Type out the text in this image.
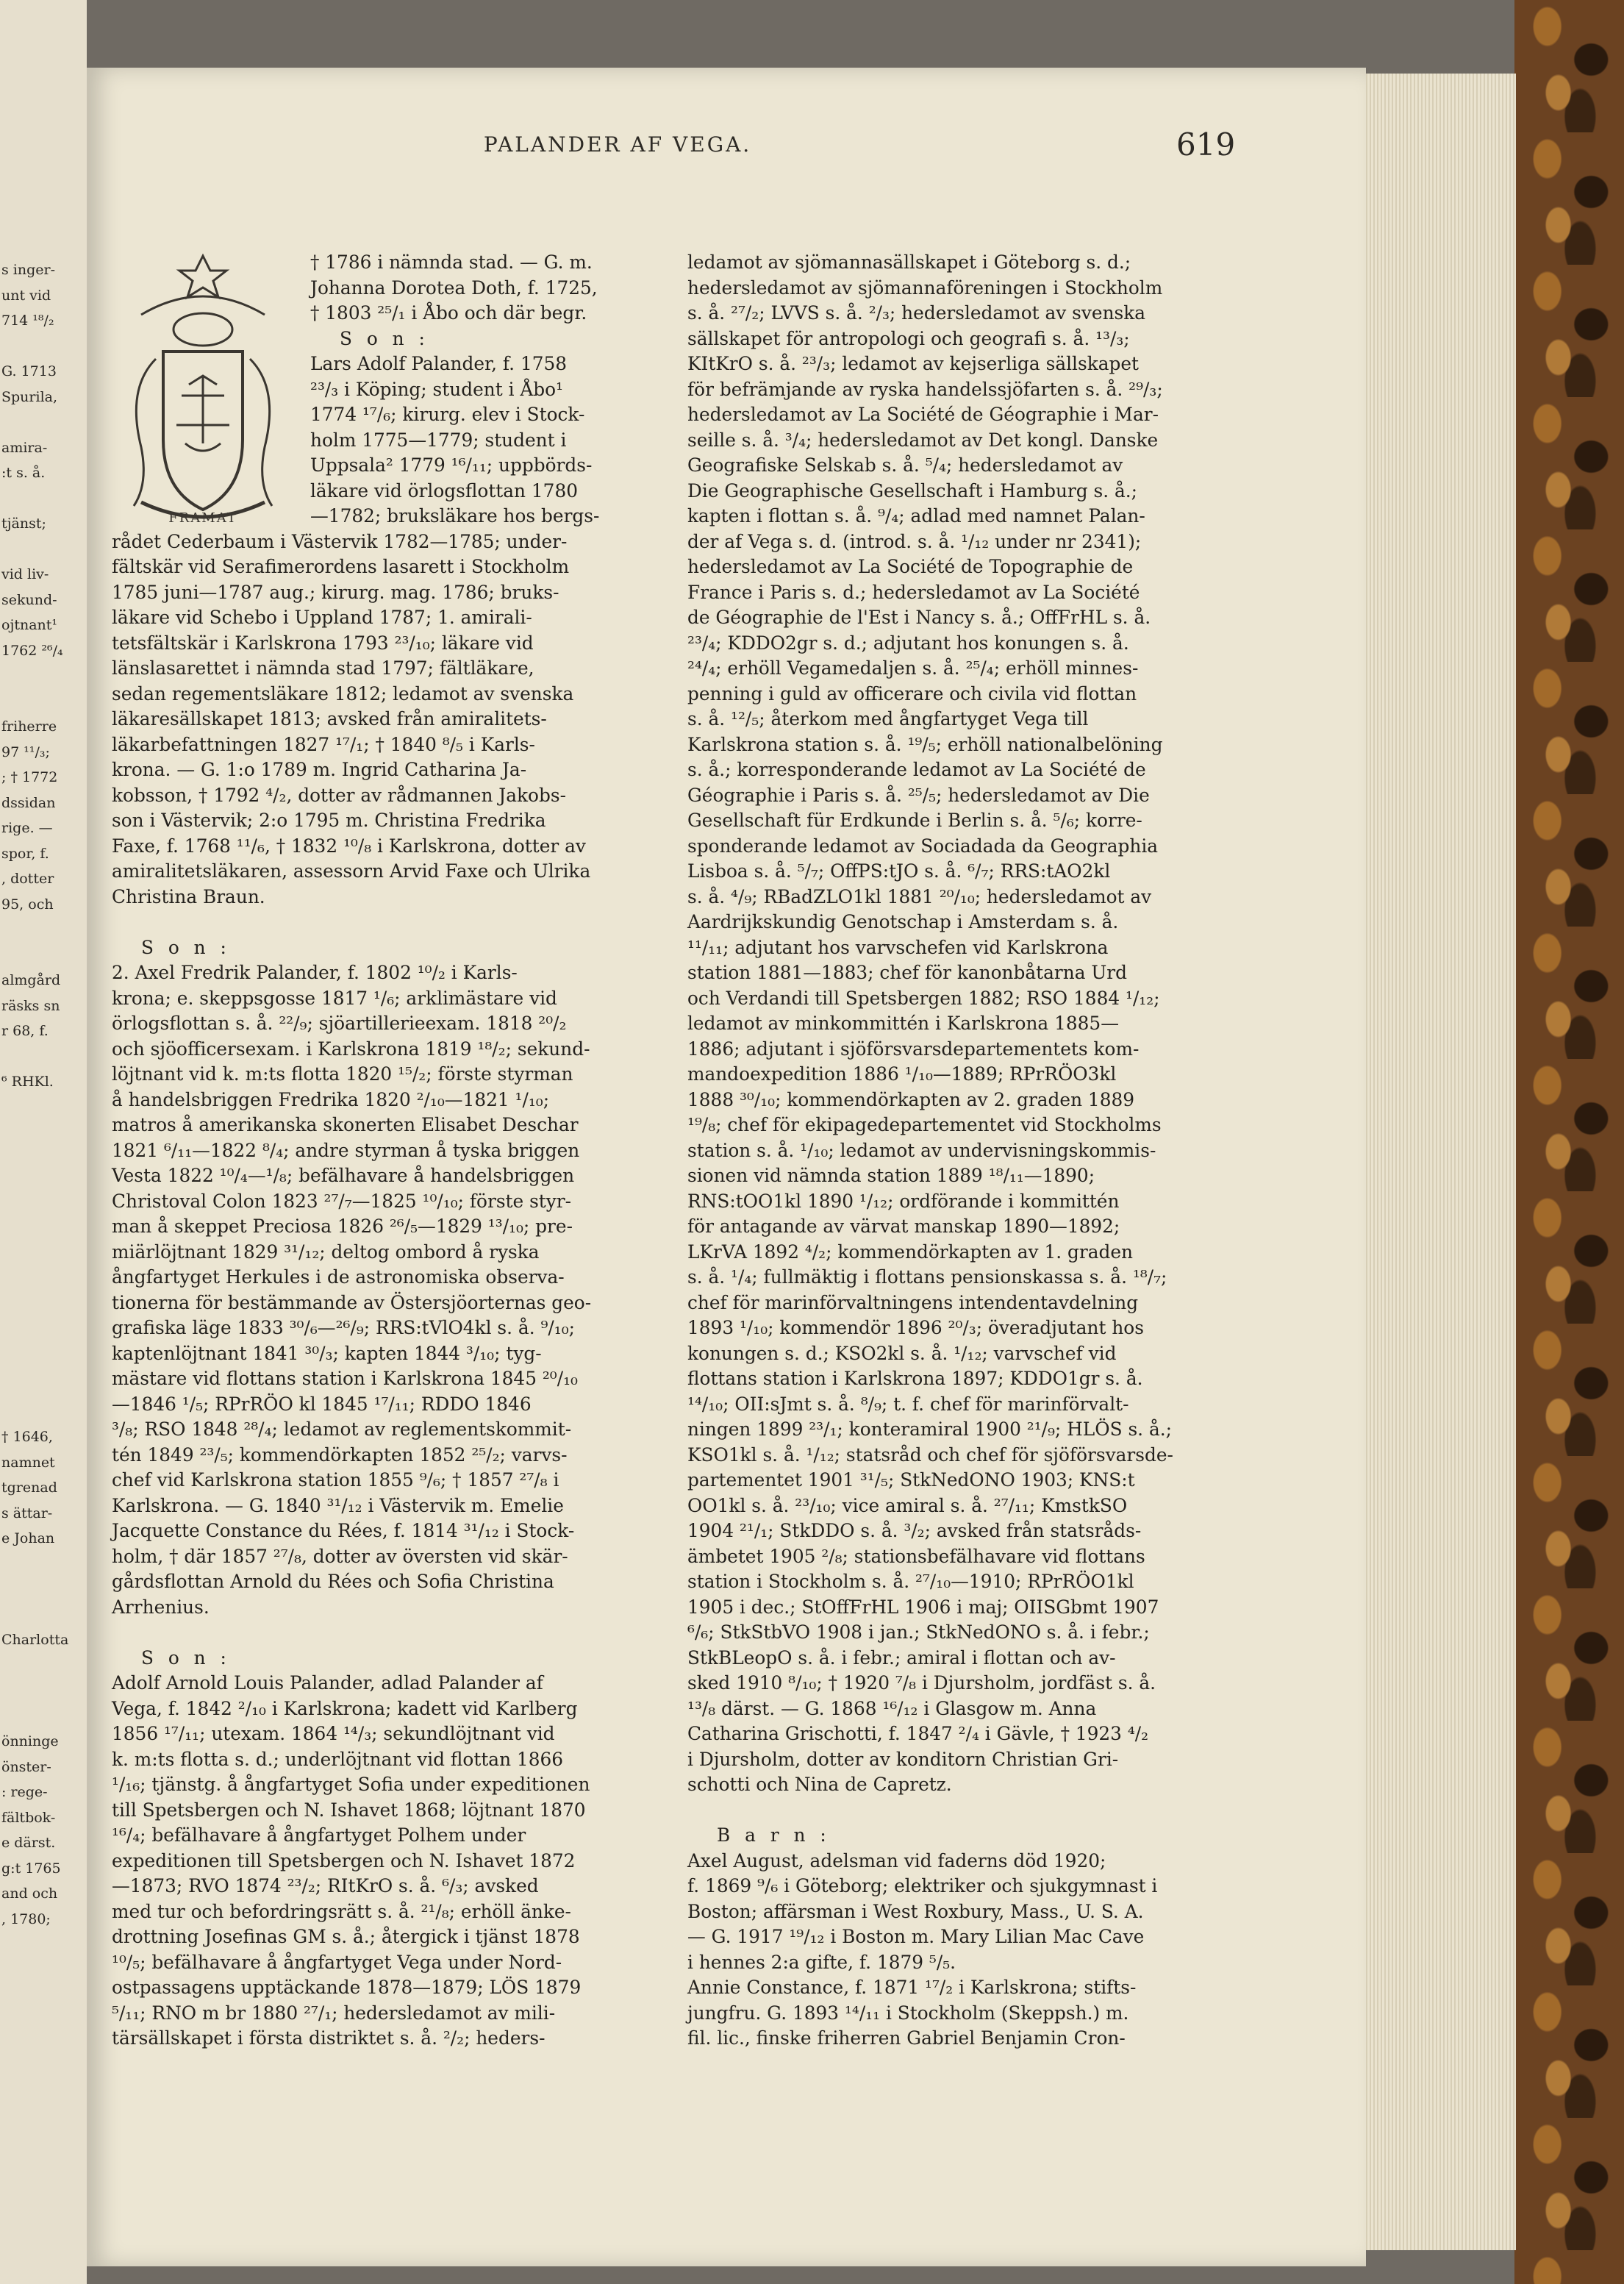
s inger-
unt vid
714 ¹⁸/₂
G. 1713
Spurila,
amira-
:t s. å.
tjänst;
vid liv-
sekund-
ojtnant¹
1762 ²⁶/₄
friherre
97 ¹¹/₃;
; † 1772
dssidan
rige. —
spor, f.
, dotter
95, och
almgård
räsks sn
r 68, f.
⁶ RHKl.
† 1646,
namnet
tgrenad
s ättar-
e Johan
Charlotta
önninge
önster-
: rege-
fältbok-
e därst.
g:t 1765
and och
, 1780;
PALANDER AF VEGA.	619
FRAMAT

† 1786 i nämnda stad. — G. m.

Johanna Dorotea Doth, f. 1725,

† 1803 ²⁵/₁ i Åbo och där begr.

S o n :

Lars Adolf Palander, f. 1758

²³/₃ i Köping; student i Åbo¹

1774 ¹⁷/₆; kirurg. elev i Stock-

holm 1775—1779; student i

Uppsala² 1779 ¹⁶/₁₁; uppbörds-

läkare vid örlogsflottan 1780

—1782; bruksläkare hos bergs-

rådet Cederbaum i Västervik 1782—1785; under-

fältskär vid Serafimerordens lasarett i Stockholm

1785 juni—1787 aug.; kirurg. mag. 1786; bruks-

läkare vid Schebo i Uppland 1787; 1. amirali-

tetsfältskär i Karlskrona 1793 ²³/₁₀; läkare vid

länslasarettet i nämnda stad 1797; fältläkare,

sedan regementsläkare 1812; ledamot av svenska

läkaresällskapet 1813; avsked från amiralitets-

läkarbefattningen 1827 ¹⁷/₁; † 1840 ⁸/₅ i Karls-

krona. — G. 1:o 1789 m. Ingrid Catharina Ja-

kobsson, † 1792 ⁴/₂, dotter av rådmannen Jakobs-

son i Västervik; 2:o 1795 m. Christina Fredrika

Faxe, f. 1768 ¹¹/₆, † 1832 ¹⁰/₈ i Karlskrona, dotter av

amiralitetsläkaren, assessorn Arvid Faxe och Ulrika

Christina Braun.

S o n :

2. Axel Fredrik Palander, f. 1802 ¹⁰/₂ i Karls-

krona; e. skeppsgosse 1817 ¹/₆; arklimästare vid

örlogsflottan s. å. ²²/₉; sjöartillerieexam. 1818 ²⁰/₂

och sjöofficersexam. i Karlskrona 1819 ¹⁸/₂; sekund-

löjtnant vid k. m:ts flotta 1820 ¹⁵/₂; förste styrman

å handelsbriggen Fredrika 1820 ²/₁₀—1821 ¹/₁₀;

matros å amerikanska skonerten Elisabet Deschar

1821 ⁶/₁₁—1822 ⁸/₄; andre styrman å tyska briggen

Vesta 1822 ¹⁰/₄—¹/₈; befälhavare å handelsbriggen

Christoval Colon 1823 ²⁷/₇—1825 ¹⁰/₁₀; förste styr-

man å skeppet Preciosa 1826 ²⁶/₅—1829 ¹³/₁₀; pre-

miärlöjtnant 1829 ³¹/₁₂; deltog ombord å ryska

ångfartyget Herkules i de astronomiska observa-

tionerna för bestämmande av Östersjöorternas geo-

grafiska läge 1833 ³⁰/₆—²⁶/₉; RRS:tVlO4kl s. å. ⁹/₁₀;

kaptenlöjtnant 1841 ³⁰/₃; kapten 1844 ³/₁₀; tyg-

mästare vid flottans station i Karlskrona 1845 ²⁰/₁₀

—1846 ¹/₅; RPrRÖO kl 1845 ¹⁷/₁₁; RDDO 1846

³/₈; RSO 1848 ²⁸/₄; ledamot av reglementskommit-

tén 1849 ²³/₅; kommendörkapten 1852 ²⁵/₂; varvs-

chef vid Karlskrona station 1855 ⁹/₆; † 1857 ²⁷/₈ i

Karlskrona. — G. 1840 ³¹/₁₂ i Västervik m. Emelie

Jacquette Constance du Rées, f. 1814 ³¹/₁₂ i Stock-

holm, † där 1857 ²⁷/₈, dotter av översten vid skär-

gårdsflottan Arnold du Rées och Sofia Christina

Arrhenius.

S o n :

Adolf Arnold Louis Palander, adlad Palander af

Vega, f. 1842 ²/₁₀ i Karlskrona; kadett vid Karlberg

1856 ¹⁷/₁₁; utexam. 1864 ¹⁴/₃; sekundlöjtnant vid

k. m:ts flotta s. d.; underlöjtnant vid flottan 1866

¹/₁₆; tjänstg. å ångfartyget Sofia under expeditionen

till Spetsbergen och N. Ishavet 1868; löjtnant 1870

¹⁶/₄; befälhavare å ångfartyget Polhem under

expeditionen till Spetsbergen och N. Ishavet 1872

—1873; RVO 1874 ²³/₂; RItKrO s. å. ⁶/₃; avsked

med tur och befordringsrätt s. å. ²¹/₈; erhöll änke-

drottning Josefinas GM s. å.; återgick i tjänst 1878

¹⁰/₅; befälhavare å ångfartyget Vega under Nord-

ostpassagens upptäckande 1878—1879; LÖS 1879

⁵/₁₁; RNO m br 1880 ²⁷/₁; hedersledamot av mili-

tärsällskapet i första distriktet s. å. ²/₂; heders-

ledamot av sjömannasällskapet i Göteborg s. d.;

hedersledamot av sjömannaföreningen i Stockholm

s. å. ²⁷/₂; LVVS s. å. ²/₃; hedersledamot av svenska

sällskapet för antropologi och geografi s. å. ¹³/₃;

KItKrO s. å. ²³/₃; ledamot av kejserliga sällskapet

för befrämjande av ryska handelssjöfarten s. å. ²⁹/₃;

hedersledamot av La Société de Géographie i Mar-

seille s. å. ³/₄; hedersledamot av Det kongl. Danske

Geografiske Selskab s. å. ⁵/₄; hedersledamot av

Die Geographische Gesellschaft i Hamburg s. å.;

kapten i flottan s. å. ⁹/₄; adlad med namnet Palan-

der af Vega s. d. (introd. s. å. ¹/₁₂ under nr 2341);

hedersledamot av La Société de Topographie de

France i Paris s. d.; hedersledamot av La Société

de Géographie de l'Est i Nancy s. å.; OffFrHL s. å.

²³/₄; KDDO2gr s. d.; adjutant hos konungen s. å.

²⁴/₄; erhöll Vegamedaljen s. å. ²⁵/₄; erhöll minnes-

penning i guld av officerare och civila vid flottan

s. å. ¹²/₅; återkom med ångfartyget Vega till

Karlskrona station s. å. ¹⁹/₅; erhöll nationalbelöning

s. å.; korresponderande ledamot av La Société de

Géographie i Paris s. å. ²⁵/₅; hedersledamot av Die

Gesellschaft für Erdkunde i Berlin s. å. ⁵/₆; korre-

sponderande ledamot av Sociadada da Geographia

Lisboa s. å. ⁵/₇; OffPS:tJO s. å. ⁶/₇; RRS:tAO2kl

s. å. ⁴/₉; RBadZLO1kl 1881 ²⁰/₁₀; hedersledamot av

Aardrijkskundig Genotschap i Amsterdam s. å.

¹¹/₁₁; adjutant hos varvschefen vid Karlskrona

station 1881—1883; chef för kanonbåtarna Urd

och Verdandi till Spetsbergen 1882; RSO 1884 ¹/₁₂;

ledamot av minkommittén i Karlskrona 1885—

1886; adjutant i sjöförsvarsdepartementets kom-

mandoexpedition 1886 ¹/₁₀—1889; RPrRÖO3kl

1888 ³⁰/₁₀; kommendörkapten av 2. graden 1889

¹⁹/₈; chef för ekipagedepartementet vid Stockholms

station s. å. ¹/₁₀; ledamot av undervisningskommis-

sionen vid nämnda station 1889 ¹⁸/₁₁—1890;

RNS:tOO1kl 1890 ¹/₁₂; ordförande i kommittén

för antagande av värvat manskap 1890—1892;

LKrVA 1892 ⁴/₂; kommendörkapten av 1. graden

s. å. ¹/₄; fullmäktig i flottans pensionskassa s. å. ¹⁸/₇;

chef för marinförvaltningens intendentavdelning

1893 ¹/₁₀; kommendör 1896 ²⁰/₃; överadjutant hos

konungen s. d.; KSO2kl s. å. ¹/₁₂; varvschef vid

flottans station i Karlskrona 1897; KDDO1gr s. å.

¹⁴/₁₀; OII:sJmt s. å. ⁸/₉; t. f. chef för marinförvalt-

ningen 1899 ²³/₁; konteramiral 1900 ²¹/₉; HLÖS s. å.;

KSO1kl s. å. ¹/₁₂; statsråd och chef för sjöförsvarsde-

partementet 1901 ³¹/₅; StkNedONO 1903; KNS:t

OO1kl s. å. ²³/₁₀; vice amiral s. å. ²⁷/₁₁; KmstkSO

1904 ²¹/₁; StkDDO s. å. ³/₂; avsked från statsråds-

ämbetet 1905 ²/₈; stationsbefälhavare vid flottans

station i Stockholm s. å. ²⁷/₁₀—1910; RPrRÖO1kl

1905 i dec.; StOffFrHL 1906 i maj; OIISGbmt 1907

⁶/₆; StkStbVO 1908 i jan.; StkNedONO s. å. i febr.;

StkBLeopO s. å. i febr.; amiral i flottan och av-

sked 1910 ⁸/₁₀; † 1920 ⁷/₈ i Djursholm, jordfäst s. å.

¹³/₈ därst. — G. 1868 ¹⁶/₁₂ i Glasgow m. Anna

Catharina Grischotti, f. 1847 ²/₄ i Gävle, † 1923 ⁴/₂

i Djursholm, dotter av konditorn Christian Gri-

schotti och Nina de Capretz.

B a r n :

Axel August, adelsman vid faderns död 1920;

f. 1869 ⁹/₆ i Göteborg; elektriker och sjukgymnast i

Boston; affärsman i West Roxbury, Mass., U. S. A.

— G. 1917 ¹⁹/₁₂ i Boston m. Mary Lilian Mac Cave

i hennes 2:a gifte, f. 1879 ⁵/₅.

Annie Constance, f. 1871 ¹⁷/₂ i Karlskrona; stifts-

jungfru. G. 1893 ¹⁴/₁₁ i Stockholm (Skeppsh.) m.

fil. lic., finske friherren Gabriel Benjamin Cron-
